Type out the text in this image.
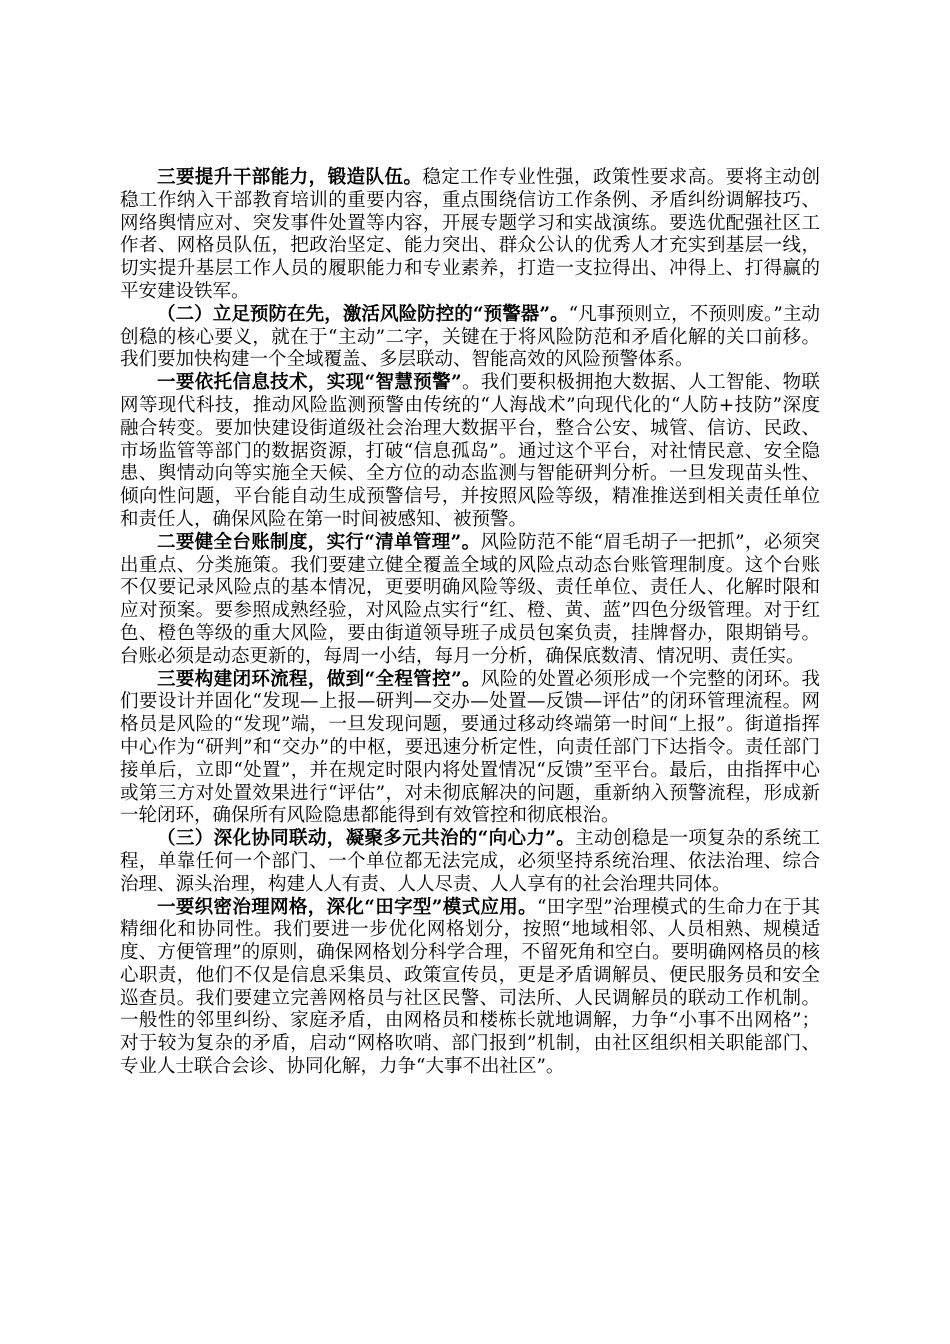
三要提升干部能力，锻造队伍。稳定工作专业性强，政策性要求高。要将主动创稳工作纳入干部教育培训的重要内容，重点围绕信访工作条例、矛盾纠纷调解技巧、网络舆情应对、突发事件处置等内容，开展专题学习和实战演练。要选优配强社区工作者、网格员队伍，把政治坚定、能力突出、群众公认的优秀人才充实到基层一线，切实提升基层工作人员的履职能力和专业素养，打造一支拉得出、冲得上、打得赢的平安建设铁军。

（二）立足预防在先，激活风险防控的“预警器”。“凡事预则立，不预则废。”主动创稳的核心要义，就在于“主动”二字，关键在于将风险防范和矛盾化解的关口前移。我们要加快构建一个全域覆盖、多层联动、智能高效的风险预警体系。

一要依托信息技术，实现“智慧预警”。我们要积极拥抱大数据、人工智能、物联网等现代科技，推动风险监测预警由传统的“人海战术”向现代化的“人防+技防”深度融合转变。要加快建设街道级社会治理大数据平台，整合公安、城管、信访、民政、市场监管等部门的数据资源，打破“信息孤岛”。通过这个平台，对社情民意、安全隐患、舆情动向等实施全天候、全方位的动态监测与智能研判分析。一旦发现苗头性、倾向性问题，平台能自动生成预警信号，并按照风险等级，精准推送到相关责任单位和责任人，确保风险在第一时间被感知、被预警。

二要健全台账制度，实行“清单管理”。风险防范不能“眉毛胡子一把抓”，必须突出重点、分类施策。我们要建立健全覆盖全域的风险点动态台账管理制度。这个台账不仅要记录风险点的基本情况，更要明确风险等级、责任单位、责任人、化解时限和应对预案。要参照成熟经验，对风险点实行“红、橙、黄、蓝”四色分级管理。对于红色、橙色等级的重大风险，要由街道领导班子成员包案负责，挂牌督办，限期销号。台账必须是动态更新的，每周一小结，每月一分析，确保底数清、情况明、责任实。

三要构建闭环流程，做到“全程管控”。风险的处置必须形成一个完整的闭环。我们要设计并固化“发现—上报—研判—交办—处置—反馈—评估”的闭环管理流程。网格员是风险的“发现”端，一旦发现问题，要通过移动终端第一时间“上报”。街道指挥中心作为“研判”和“交办”的中枢，要迅速分析定性，向责任部门下达指令。责任部门接单后，立即“处置”，并在规定时限内将处置情况“反馈”至平台。最后，由指挥中心或第三方对处置效果进行“评估”，对未彻底解决的问题，重新纳入预警流程，形成新一轮闭环，确保所有风险隐患都能得到有效管控和彻底根治。

（三）深化协同联动，凝聚多元共治的“向心力”。主动创稳是一项复杂的系统工程，单靠任何一个部门、一个单位都无法完成，必须坚持系统治理、依法治理、综合治理、源头治理，构建人人有责、人人尽责、人人享有的社会治理共同体。

一要织密治理网格，深化“田字型”模式应用。“田字型”治理模式的生命力在于其精细化和协同性。我们要进一步优化网格划分，按照“地域相邻、人员相熟、规模适度、方便管理”的原则，确保网格划分科学合理，不留死角和空白。要明确网格员的核心职责，他们不仅是信息采集员、政策宣传员，更是矛盾调解员、便民服务员和安全巡查员。我们要建立完善网格员与社区民警、司法所、人民调解员的联动工作机制。一般性的邻里纠纷、家庭矛盾，由网格员和楼栋长就地调解，力争“小事不出网格”；对于较为复杂的矛盾，启动“网格吹哨、部门报到”机制，由社区组织相关职能部门、专业人士联合会诊、协同化解，力争“大事不出社区”。
